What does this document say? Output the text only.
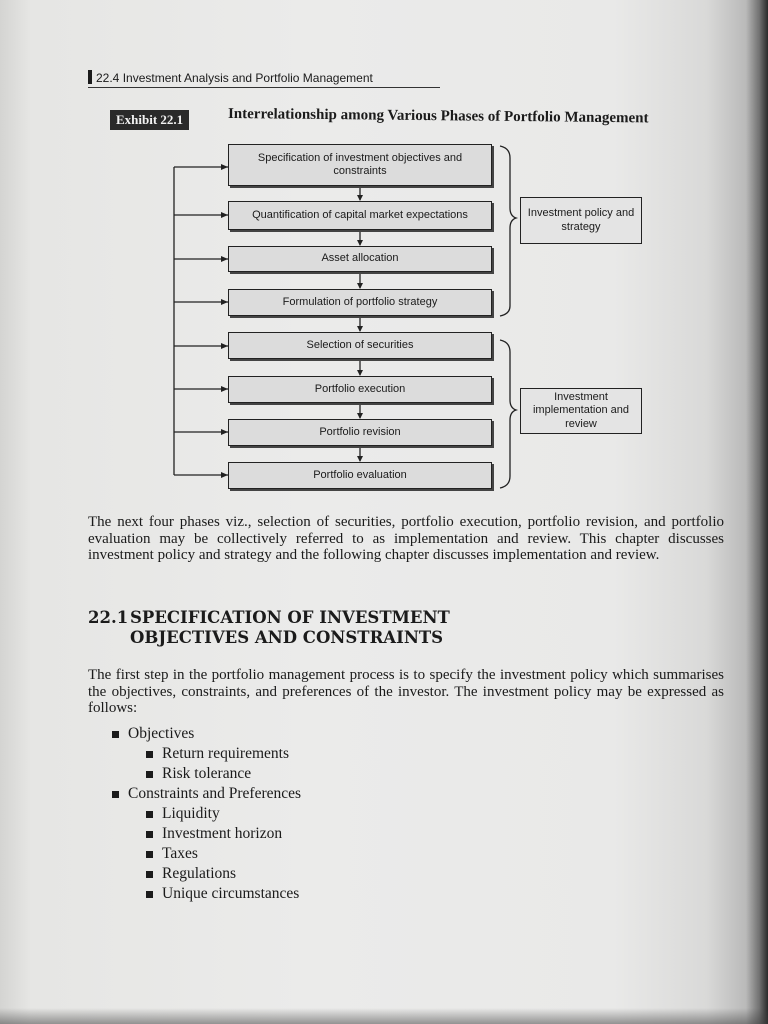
22.4 Investment Analysis and Portfolio Management
Exhibit 22.1	Interrelationship among Various Phases of Portfolio Management
Specification of investment objectives and constraints
Quantification of capital market expectations
Asset allocation
Formulation of portfolio strategy
Selection of securities
Portfolio execution
Portfolio revision
Portfolio evaluation
Investment policy and strategy
Investment implementation and review
The next four phases viz., selection of securities, portfolio execution, portfolio revision, and portfolio evaluation may be collectively referred to as implementation and review. This chapter discusses investment policy and strategy and the following chapter discusses implementation and review.
22.1 SPECIFICATION OF INVESTMENT
OBJECTIVES AND CONSTRAINTS
The first step in the portfolio management process is to specify the investment policy which summarises the objectives, constraints, and preferences of the investor. The investment policy may be expressed as follows:
Objectives
Return requirements
Risk tolerance
Constraints and Preferences
Liquidity
Investment horizon
Taxes
Regulations
Unique circumstances
